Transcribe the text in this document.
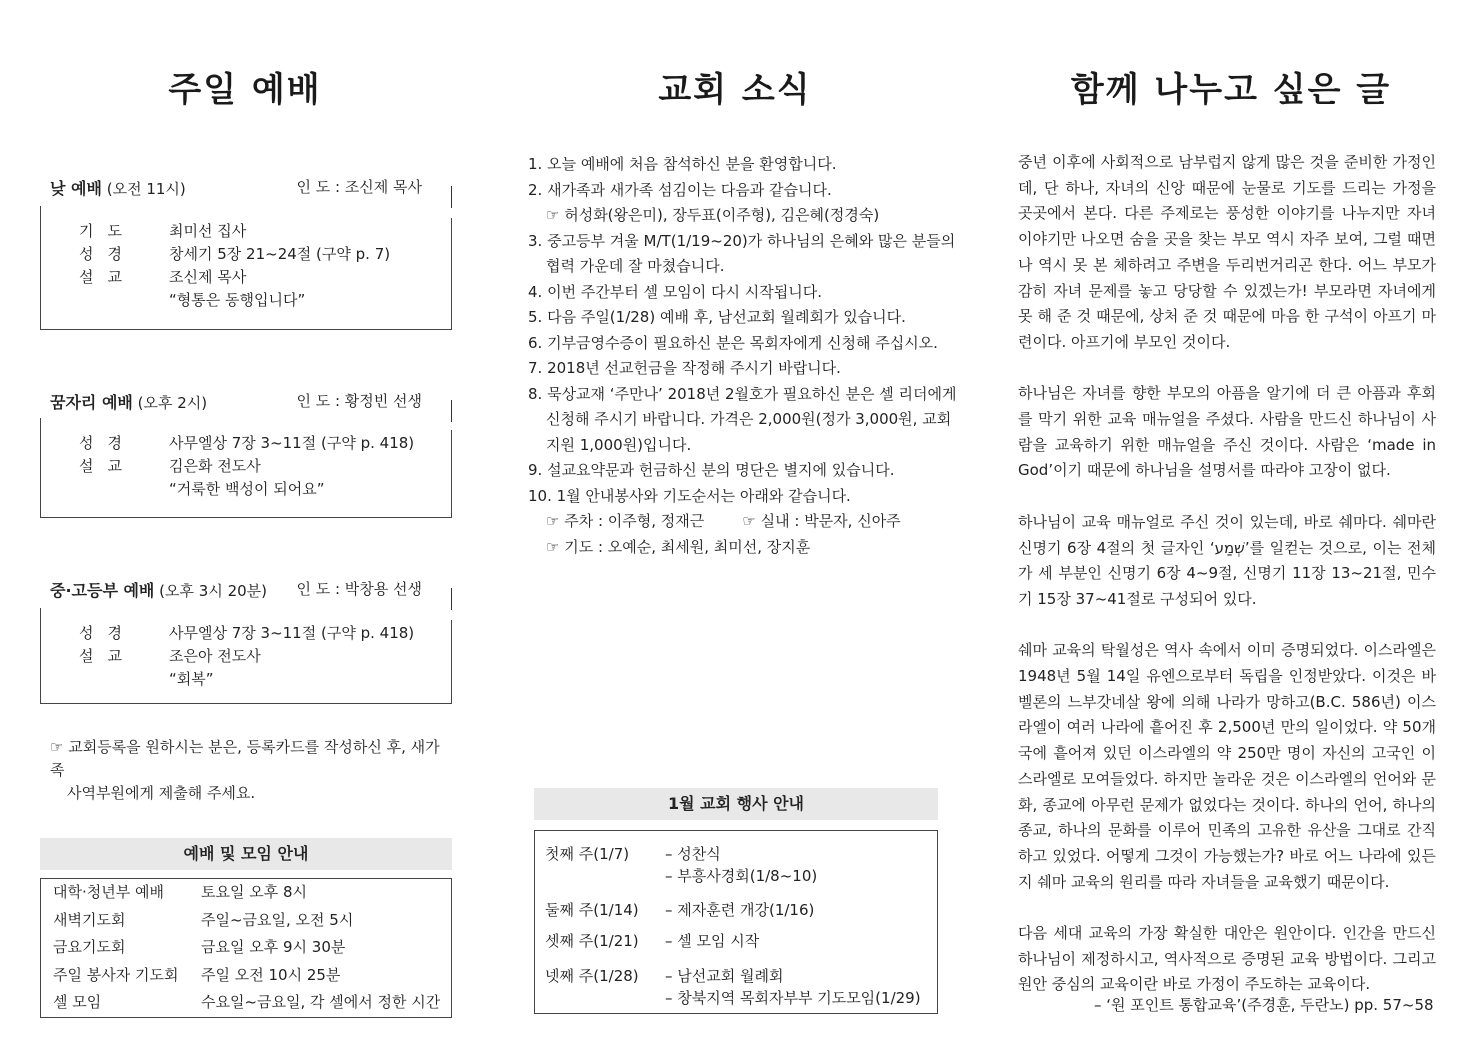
주일 예배	교회 소식	함께 나누고 싶은 글
낮 예배 (오전 11시)	인 도 : 조신제 목사
기도 최미선 집사
성경 창세기 5장 21~24절 (구약 p. 7)
설교 조신제 목사
“형통은 동행입니다”
꿈자리 예배 (오후 2시)	인 도 : 황정빈 선생
성경 사무엘상 7장 3~11절 (구약 p. 418)
설교 김은화 전도사
“거룩한 백성이 되어요”
중·고등부 예배 (오후 3시 20분) 인 도 : 박창용 선생
성경 사무엘상 7장 3~11절 (구약 p. 418)
설교 조은아 전도사
“회복”
☞ 교회등록을 원하시는 분은, 등록카드를 작성하신 후, 새가족
사역부원에게 제출해 주세요.
예배 및 모임 안내
대학·청년부 예배 토요일 오후 8시
새벽기도회	주일~금요일, 오전 5시
금요기도회	금요일 오후 9시 30분
주일 봉사자 기도회 주일 오전 10시 25분
셀 모임	수요일~금요일, 각 셀에서 정한 시간
1. 오늘 예배에 처음 참석하신 분을 환영합니다.
2. 새가족과 새가족 섬김이는 다음과 같습니다.
☞ 허성화(왕은미), 장두표(이주형), 김은혜(정경숙)
3. 중고등부 겨울 M/T(1/19~20)가 하나님의 은혜와 많은 분들의
협력 가운데 잘 마쳤습니다.
4. 이번 주간부터 셀 모임이 다시 시작됩니다.
5. 다음 주일(1/28) 예배 후, 남선교회 월례회가 있습니다.
6. 기부금영수증이 필요하신 분은 목회자에게 신청해 주십시오.
7. 2018년 선교헌금을 작정해 주시기 바랍니다.
8. 묵상교재 ‘주만나’ 2018년 2월호가 필요하신 분은 셀 리더에게
신청해 주시기 바랍니다. 가격은 2,000원(정가 3,000원, 교회
지원 1,000원)입니다.
9. 설교요약문과 헌금하신 분의 명단은 별지에 있습니다.
10. 1월 안내봉사와 기도순서는 아래와 같습니다.
☞ 주차 : 이주형, 정재근        ☞ 실내 : 박문자, 신아주
☞ 기도 : 오예순, 최세원, 최미선, 장지훈
1월 교회 행사 안내
첫째 주(1/7) – 성찬식
– 부흥사경회(1/8~10)
둘째 주(1/14) – 제자훈련 개강(1/16)
셋째 주(1/21) – 셀 모임 시작
넷째 주(1/28) – 남선교회 월례회
– 창북지역 목회자부부 기도모임(1/29)

중년 이후에 사회적으로 남부럽지 않게 많은 것을 준비한 가정인데, 단 하나, 자녀의 신앙 때문에 눈물로 기도를 드리는 가정을 곳곳에서 본다. 다른 주제로는 풍성한 이야기를 나누지만 자녀 이야기만 나오면 숨을 곳을 찾는 부모 역시 자주 보여, 그럴 때면 나 역시 못 본 체하려고 주변을 두리번거리곤 한다. 어느 부모가 감히 자녀 문제를 놓고 당당할 수 있겠는가! 부모라면 자녀에게 못 해 준 것 때문에, 상처 준 것 때문에 마음 한 구석이 아프기 마련이다. 아프기에 부모인 것이다.

하나님은 자녀를 향한 부모의 아픔을 알기에 더 큰 아픔과 후회를 막기 위한 교육 매뉴얼을 주셨다. 사람을 만드신 하나님이 사람을 교육하기 위한 매뉴얼을 주신 것이다. 사람은 ‘made in God’이기 때문에 하나님을 설명서를 따라야 고장이 없다.

하나님이 교육 매뉴얼로 주신 것이 있는데, 바로 쉐마다. 쉐마란 신명기 6장 4절의 첫 글자인 ‘שְׁמַע’를 일컫는 것으로, 이는 전체가 세 부분인 신명기 6장 4~9절, 신명기 11장 13~21절, 민수기 15장 37~41절로 구성되어 있다.

쉐마 교육의 탁월성은 역사 속에서 이미 증명되었다. 이스라엘은 1948년 5월 14일 유엔으로부터 독립을 인정받았다. 이것은 바벨론의 느부갓네살 왕에 의해 나라가 망하고(B.C. 586년) 이스라엘이 여러 나라에 흩어진 후 2,500년 만의 일이었다. 약 50개국에 흩어져 있던 이스라엘의 약 250만 명이 자신의 고국인 이스라엘로 모여들었다. 하지만 놀라운 것은 이스라엘의 언어와 문화, 종교에 아무런 문제가 없었다는 것이다. 하나의 언어, 하나의 종교, 하나의 문화를 이루어 민족의 고유한 유산을 그대로 간직하고 있었다. 어떻게 그것이 가능했는가? 바로 어느 나라에 있든지 쉐마 교육의 원리를 따라 자녀들을 교육했기 때문이다.

다음 세대 교육의 가장 확실한 대안은 원안이다. 인간을 만드신 하나님이 제정하시고, 역사적으로 증명된 교육 방법이다. 그리고 원안 중심의 교육이란 바로 가정이 주도하는 교육이다.

– ‘원 포인트 통합교육’(주경훈, 두란노) pp. 57~58
